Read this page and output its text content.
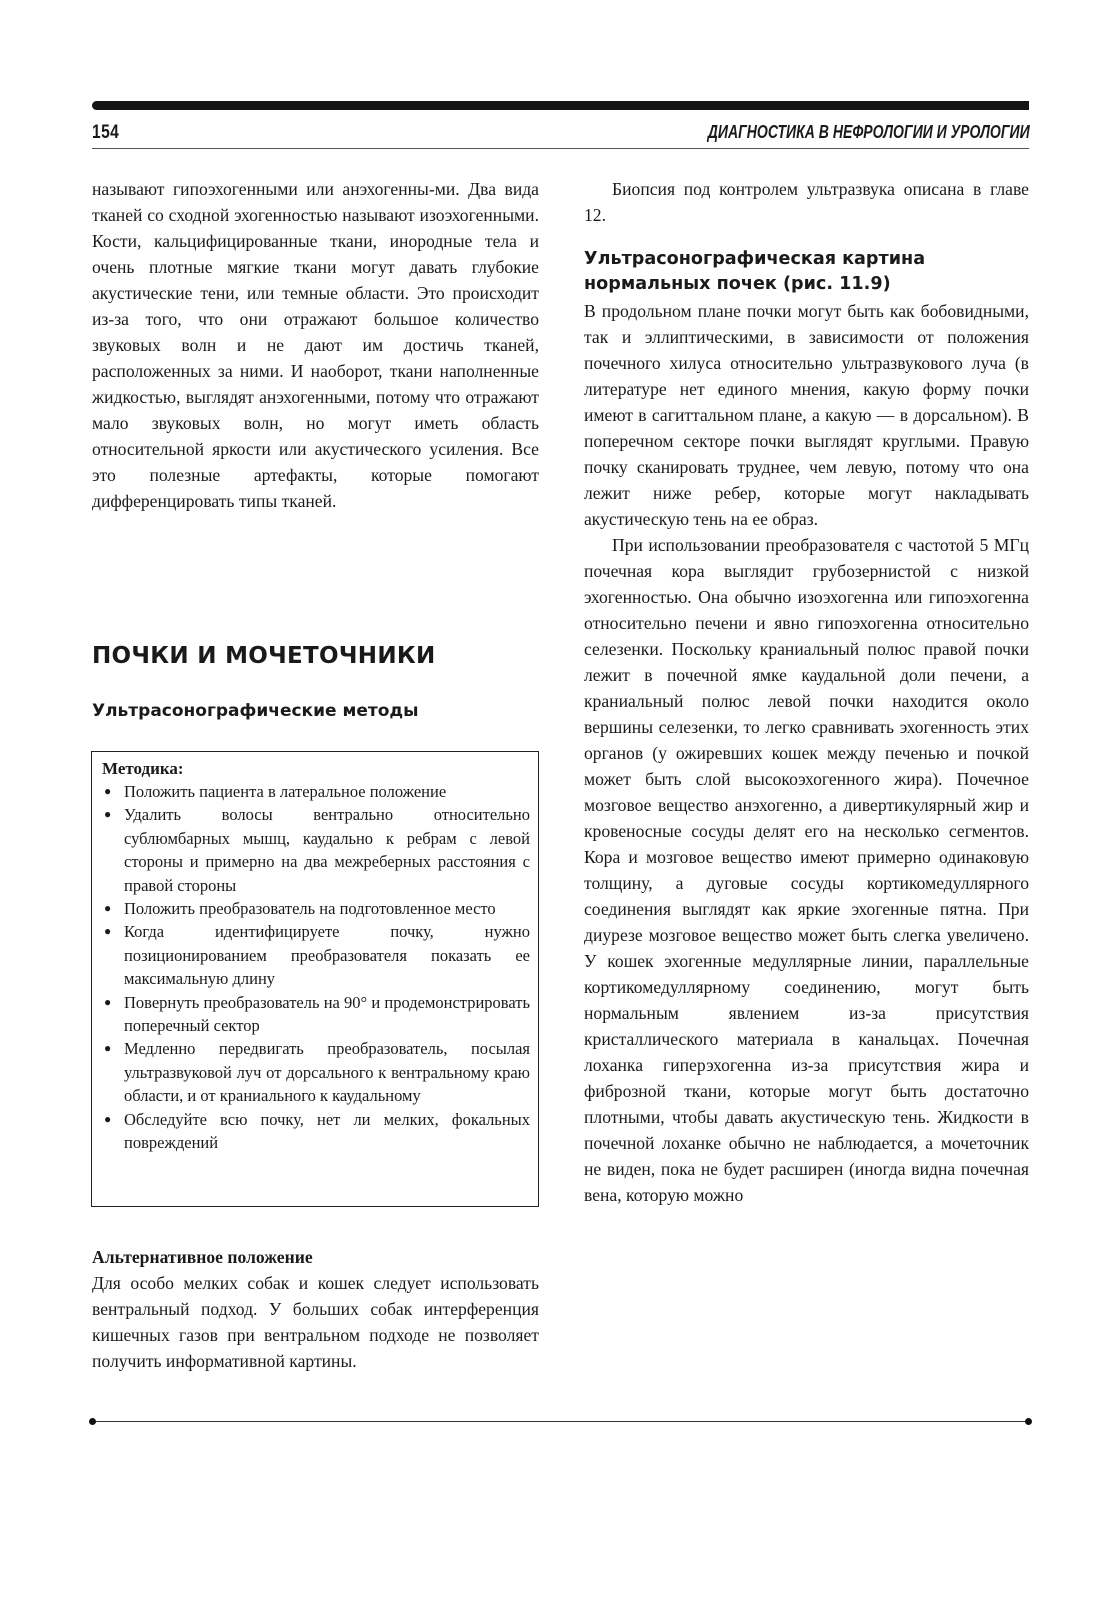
154	ДИАГНОСТИКА В НЕФРОЛОГИИ И УРОЛОГИИ

называют гипоэхогенными или анэхогенны-ми. Два вида тканей со сходной эхогенностью называют изоэхогенными. Кости, кальцифицированные ткани, инородные тела и очень плотные мягкие ткани могут давать глубокие акустические тени, или темные области. Это происходит из-за того, что они отражают большое количество звуковых волн и не дают им достичь тканей, расположенных за ними. И наоборот, ткани наполненные жидкостью, выглядят анэхогенными, потому что отражают мало звуковых волн, но могут иметь область относительной яркости или акустического усиления. Все это полезные артефакты, которые помогают дифференцировать типы тканей.

ПОЧКИ И МОЧЕТОЧНИКИ
Ультрасонографические методы
Методика:
● Положить пациента в латеральное положение
● Удалить волосы вентрально относительно сублюмбарных мышц, каудально к ребрам с левой стороны и примерно на два межреберных расстояния с правой стороны
● Положить преобразователь на подготовленное место
● Когда идентифицируете почку, нужно позиционированием преобразователя показать ее максимальную длину
● Повернуть преобразователь на 90° и продемонстрировать поперечный сектор
● Медленно передвигать преобразователь, посылая ультразвуковой луч от дорсального к вентральному краю области, и от краниального к каудальному
● Обследуйте всю почку, нет ли мелких, фокальных повреждений
Альтернативное положение
Для особо мелких собак и кошек следует использовать вентральный подход. У больших собак интерференция кишечных газов при вентральном подходе не позволяет получить информативной картины.

Биопсия под контролем ультразвука описана в главе 12.

Ультрасонографическая картина
нормальных почек (рис. 11.9)

В продольном плане почки могут быть как бобовидными, так и эллиптическими, в зависимости от положения почечного хилуса относительно ультразвукового луча (в литературе нет единого мнения, какую форму почки имеют в сагиттальном плане, а какую — в дорсальном). В поперечном секторе почки выглядят круглыми. Правую почку сканировать труднее, чем левую, потому что она лежит ниже ребер, которые могут накладывать акустическую тень на ее образ.

При использовании преобразователя с частотой 5 МГц почечная кора выглядит грубозернистой с низкой эхогенностью. Она обычно изоэхогенна или гипоэхогенна относительно печени и явно гипоэхогенна относительно селезенки. Поскольку краниальный полюс правой почки лежит в почечной ямке каудальной доли печени, а краниальный полюс левой почки находится около вершины селезенки, то легко сравнивать эхогенность этих органов (у ожиревших кошек между печенью и почкой может быть слой высокоэхогенного жира). Почечное мозговое вещество анэхогенно, а дивертикулярный жир и кровеносные сосуды делят его на несколько сегментов. Кора и мозговое вещество имеют примерно одинаковую толщину, а дуговые сосуды кортикомедуллярного соединения выглядят как яркие эхогенные пятна. При диурезе мозговое вещество может быть слегка увеличено. У кошек эхогенные медуллярные линии, параллельные кортикомедуллярному соединению, могут быть нормальным явлением из-за присутствия кристаллического материала в канальцах. Почечная лоханка гиперэхогенна из-за присутствия жира и фиброзной ткани, которые могут быть достаточно плотными, чтобы давать акустическую тень. Жидкости в почечной лоханке обычно не наблюдается, а мочеточник не виден, пока не будет расширен (иногда видна почечная вена, которую можно
